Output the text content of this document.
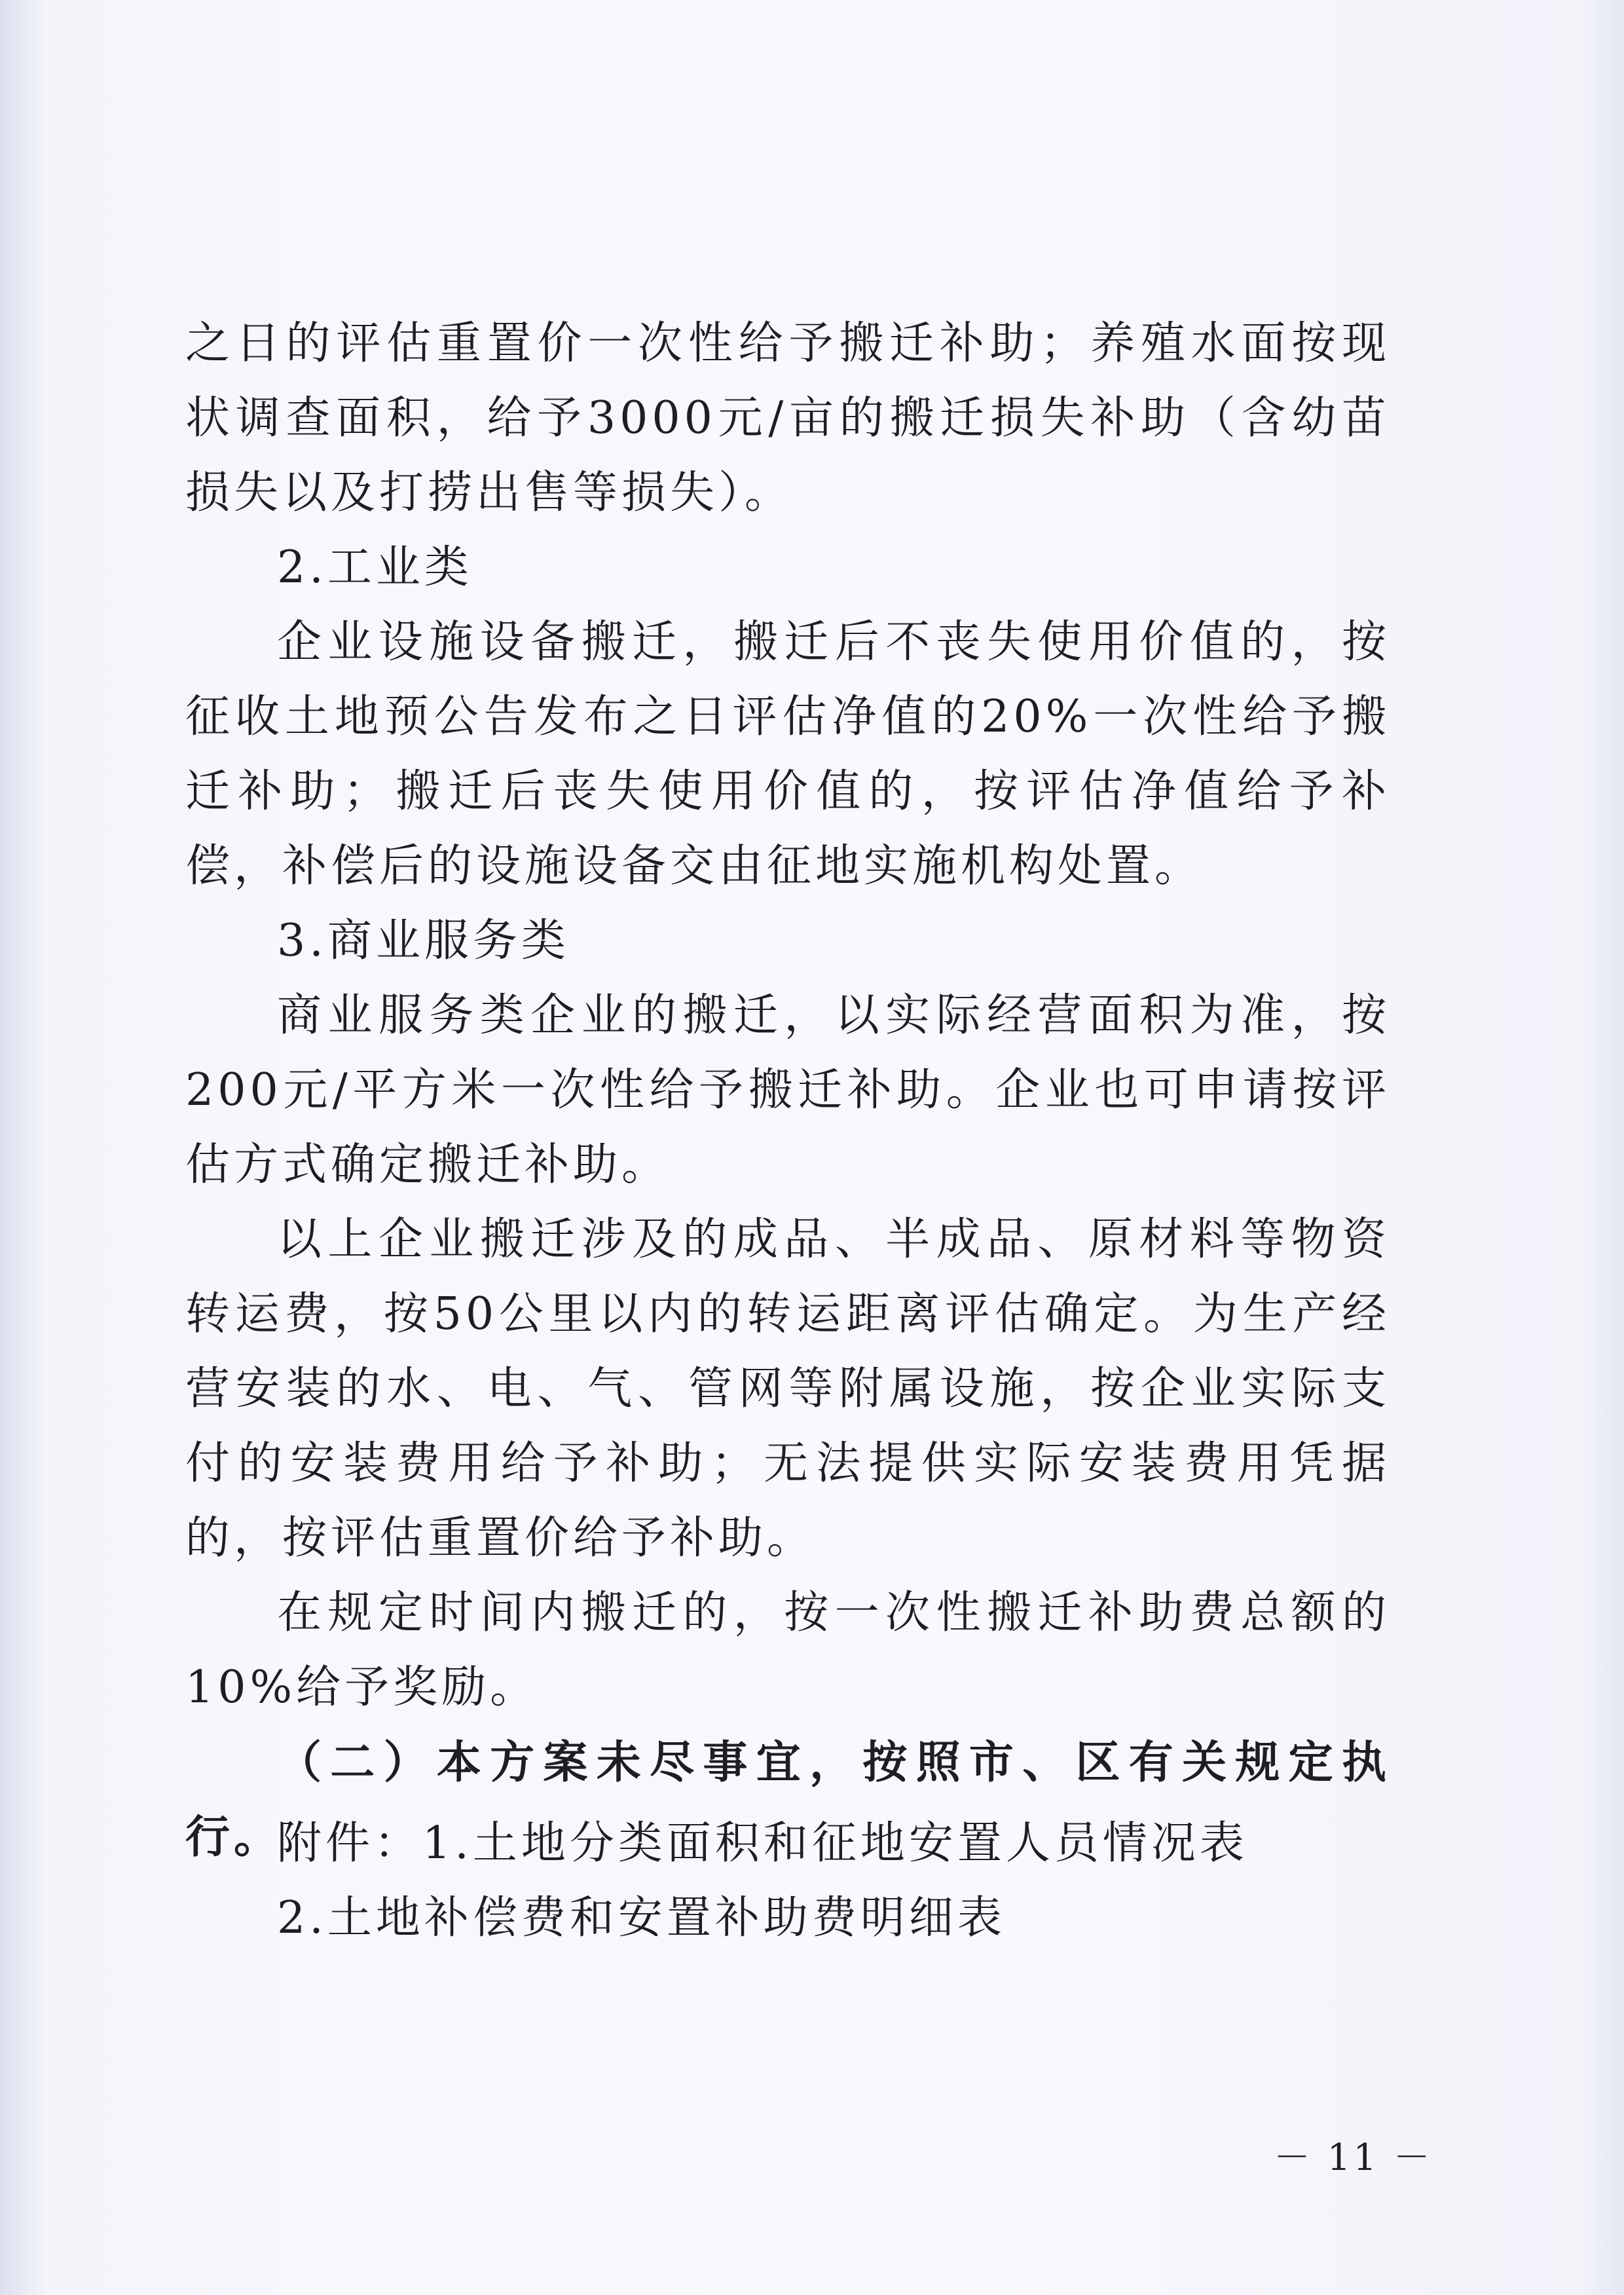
之日的评估重置价一次性给予搬迁补助；养殖水面按现状调查面积，给予3000元/亩的搬迁损失补助（含幼苗损失以及打捞出售等损失）。

2.工业类

企业设施设备搬迁，搬迁后不丧失使用价值的，按征收土地预公告发布之日评估净值的20%一次性给予搬迁补助；搬迁后丧失使用价值的，按评估净值给予补偿，补偿后的设施设备交由征地实施机构处置。

3.商业服务类

商业服务类企业的搬迁，以实际经营面积为准，按200元/平方米一次性给予搬迁补助。企业也可申请按评估方式确定搬迁补助。

以上企业搬迁涉及的成品、半成品、原材料等物资转运费，按50公里以内的转运距离评估确定。为生产经营安装的水、电、气、管网等附属设施，按企业实际支付的安装费用给予补助；无法提供实际安装费用凭据的，按评估重置价给予补助。

在规定时间内搬迁的，按一次性搬迁补助费总额的10%给予奖励。

（二）本方案未尽事宜，按照市、区有关规定执行。

附件：1.土地分类面积和征地安置人员情况表

2.土地补偿费和安置补助费明细表

－ 11 －
